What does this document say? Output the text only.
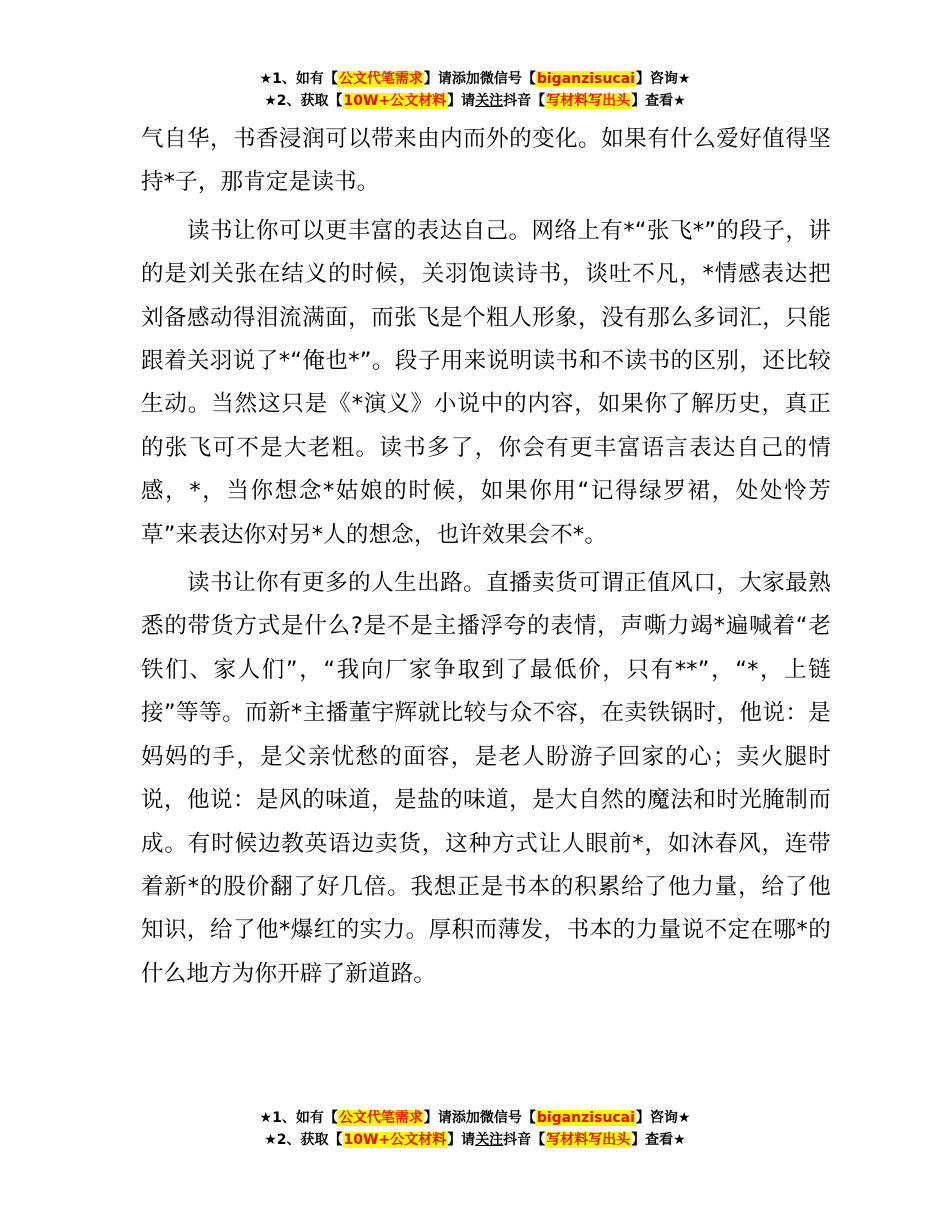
★1、如有【公文代笔需求】请添加微信号【biganzisucai】咨询★
★2、获取【10W+公文材料】请关注抖音【写材料写出头】查看★

气自华，书香浸润可以带来由内而外的变化。如果有什么爱好值得坚持*子，那肯定是读书。

读书让你可以更丰富的表达自己。网络上有*“张飞*”的段子，讲的是刘关张在结义的时候，关羽饱读诗书，谈吐不凡，*情感表达把刘备感动得泪流满面，而张飞是个粗人形象，没有那么多词汇，只能跟着关羽说了*“俺也*”。段子用来说明读书和不读书的区别，还比较生动。当然这只是《*演义》小说中的内容，如果你了解历史，真正的张飞可不是大老粗。读书多了，你会有更丰富语言表达自己的情感，*，当你想念*姑娘的时候，如果你用“记得绿罗裙，处处怜芳草”来表达你对另*人的想念，也许效果会不*。

读书让你有更多的人生出路。直播卖货可谓正值风口，大家最熟悉的带货方式是什么?是不是主播浮夸的表情，声嘶力竭*遍喊着“老铁们、家人们”，“我向厂家争取到了最低价，只有**”，“*，上链接”等等。而新*主播董宇辉就比较与众不容，在卖铁锅时，他说：是妈妈的手，是父亲忧愁的面容，是老人盼游子回家的心；卖火腿时说，他说：是风的味道，是盐的味道，是大自然的魔法和时光腌制而成。有时候边教英语边卖货，这种方式让人眼前*，如沐春风，连带着新*的股价翻了好几倍。我想正是书本的积累给了他力量，给了他知识，给了他*爆红的实力。厚积而薄发，书本的力量说不定在哪*的什么地方为你开辟了新道路。

★1、如有【公文代笔需求】请添加微信号【biganzisucai】咨询★
★2、获取【10W+公文材料】请关注抖音【写材料写出头】查看★
